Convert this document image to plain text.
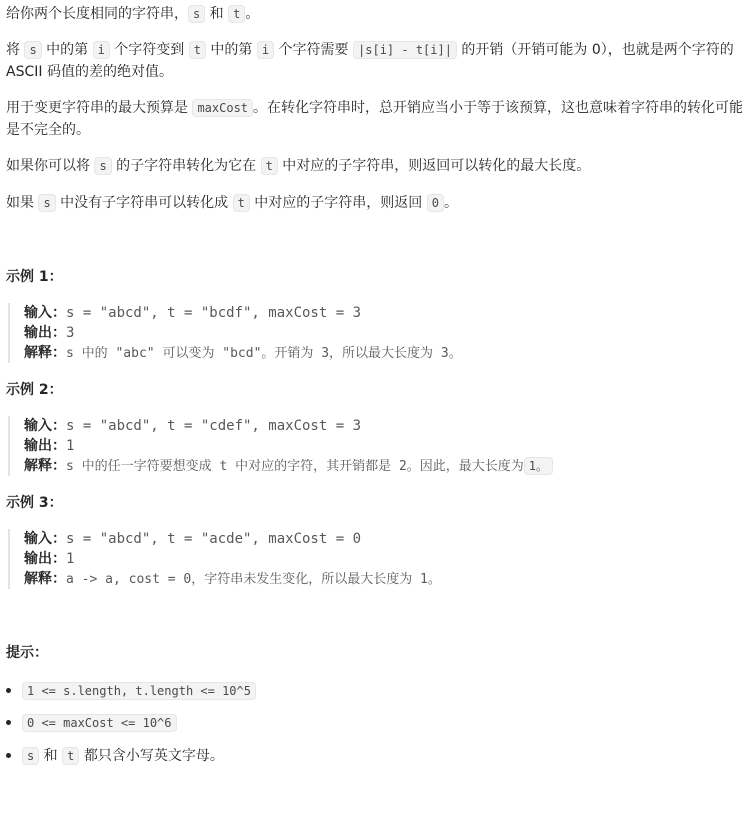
给你两个长度相同的字符串， s 和 t 。
将 s 中的第 i 个字符变到 t 中的第 i 个字符需要 |s[i] - t[i]| 的开销（开销可能为 0），也就是两个字符的
ASCII 码值的差的绝对值。
用于变更字符串的最大预算是 maxCost 。在转化字符串时，总开销应当小于等于该预算，这也意味着字符串的转化可能
是不完全的。
如果你可以将 s 的子字符串转化为它在 t 中对应的子字符串，则返回可以转化的最大长度。
如果 s 中没有子字符串可以转化成 t 中对应的子字符串，则返回 0 。
示例 1：
输入：s = "abcd", t = "bcdf", maxCost = 3
输出：3
解释：s 中的 "abc" 可以变为 "bcd"。开销为 3，所以最大长度为 3。
示例 2：
输入：s = "abcd", t = "cdef", maxCost = 3
输出：1
解释：s 中的任一字符要想变成 t 中对应的字符，其开销都是 2。因此，最大长度为 1。
示例 3：
输入：s = "abcd", t = "acde", maxCost = 0
输出：1
解释：a -> a, cost = 0，字符串未发生变化，所以最大长度为 1。
提示：
1 <= s.length, t.length <= 10^5
0 <= maxCost <= 10^6
s 和 t 都只含小写英文字母。
